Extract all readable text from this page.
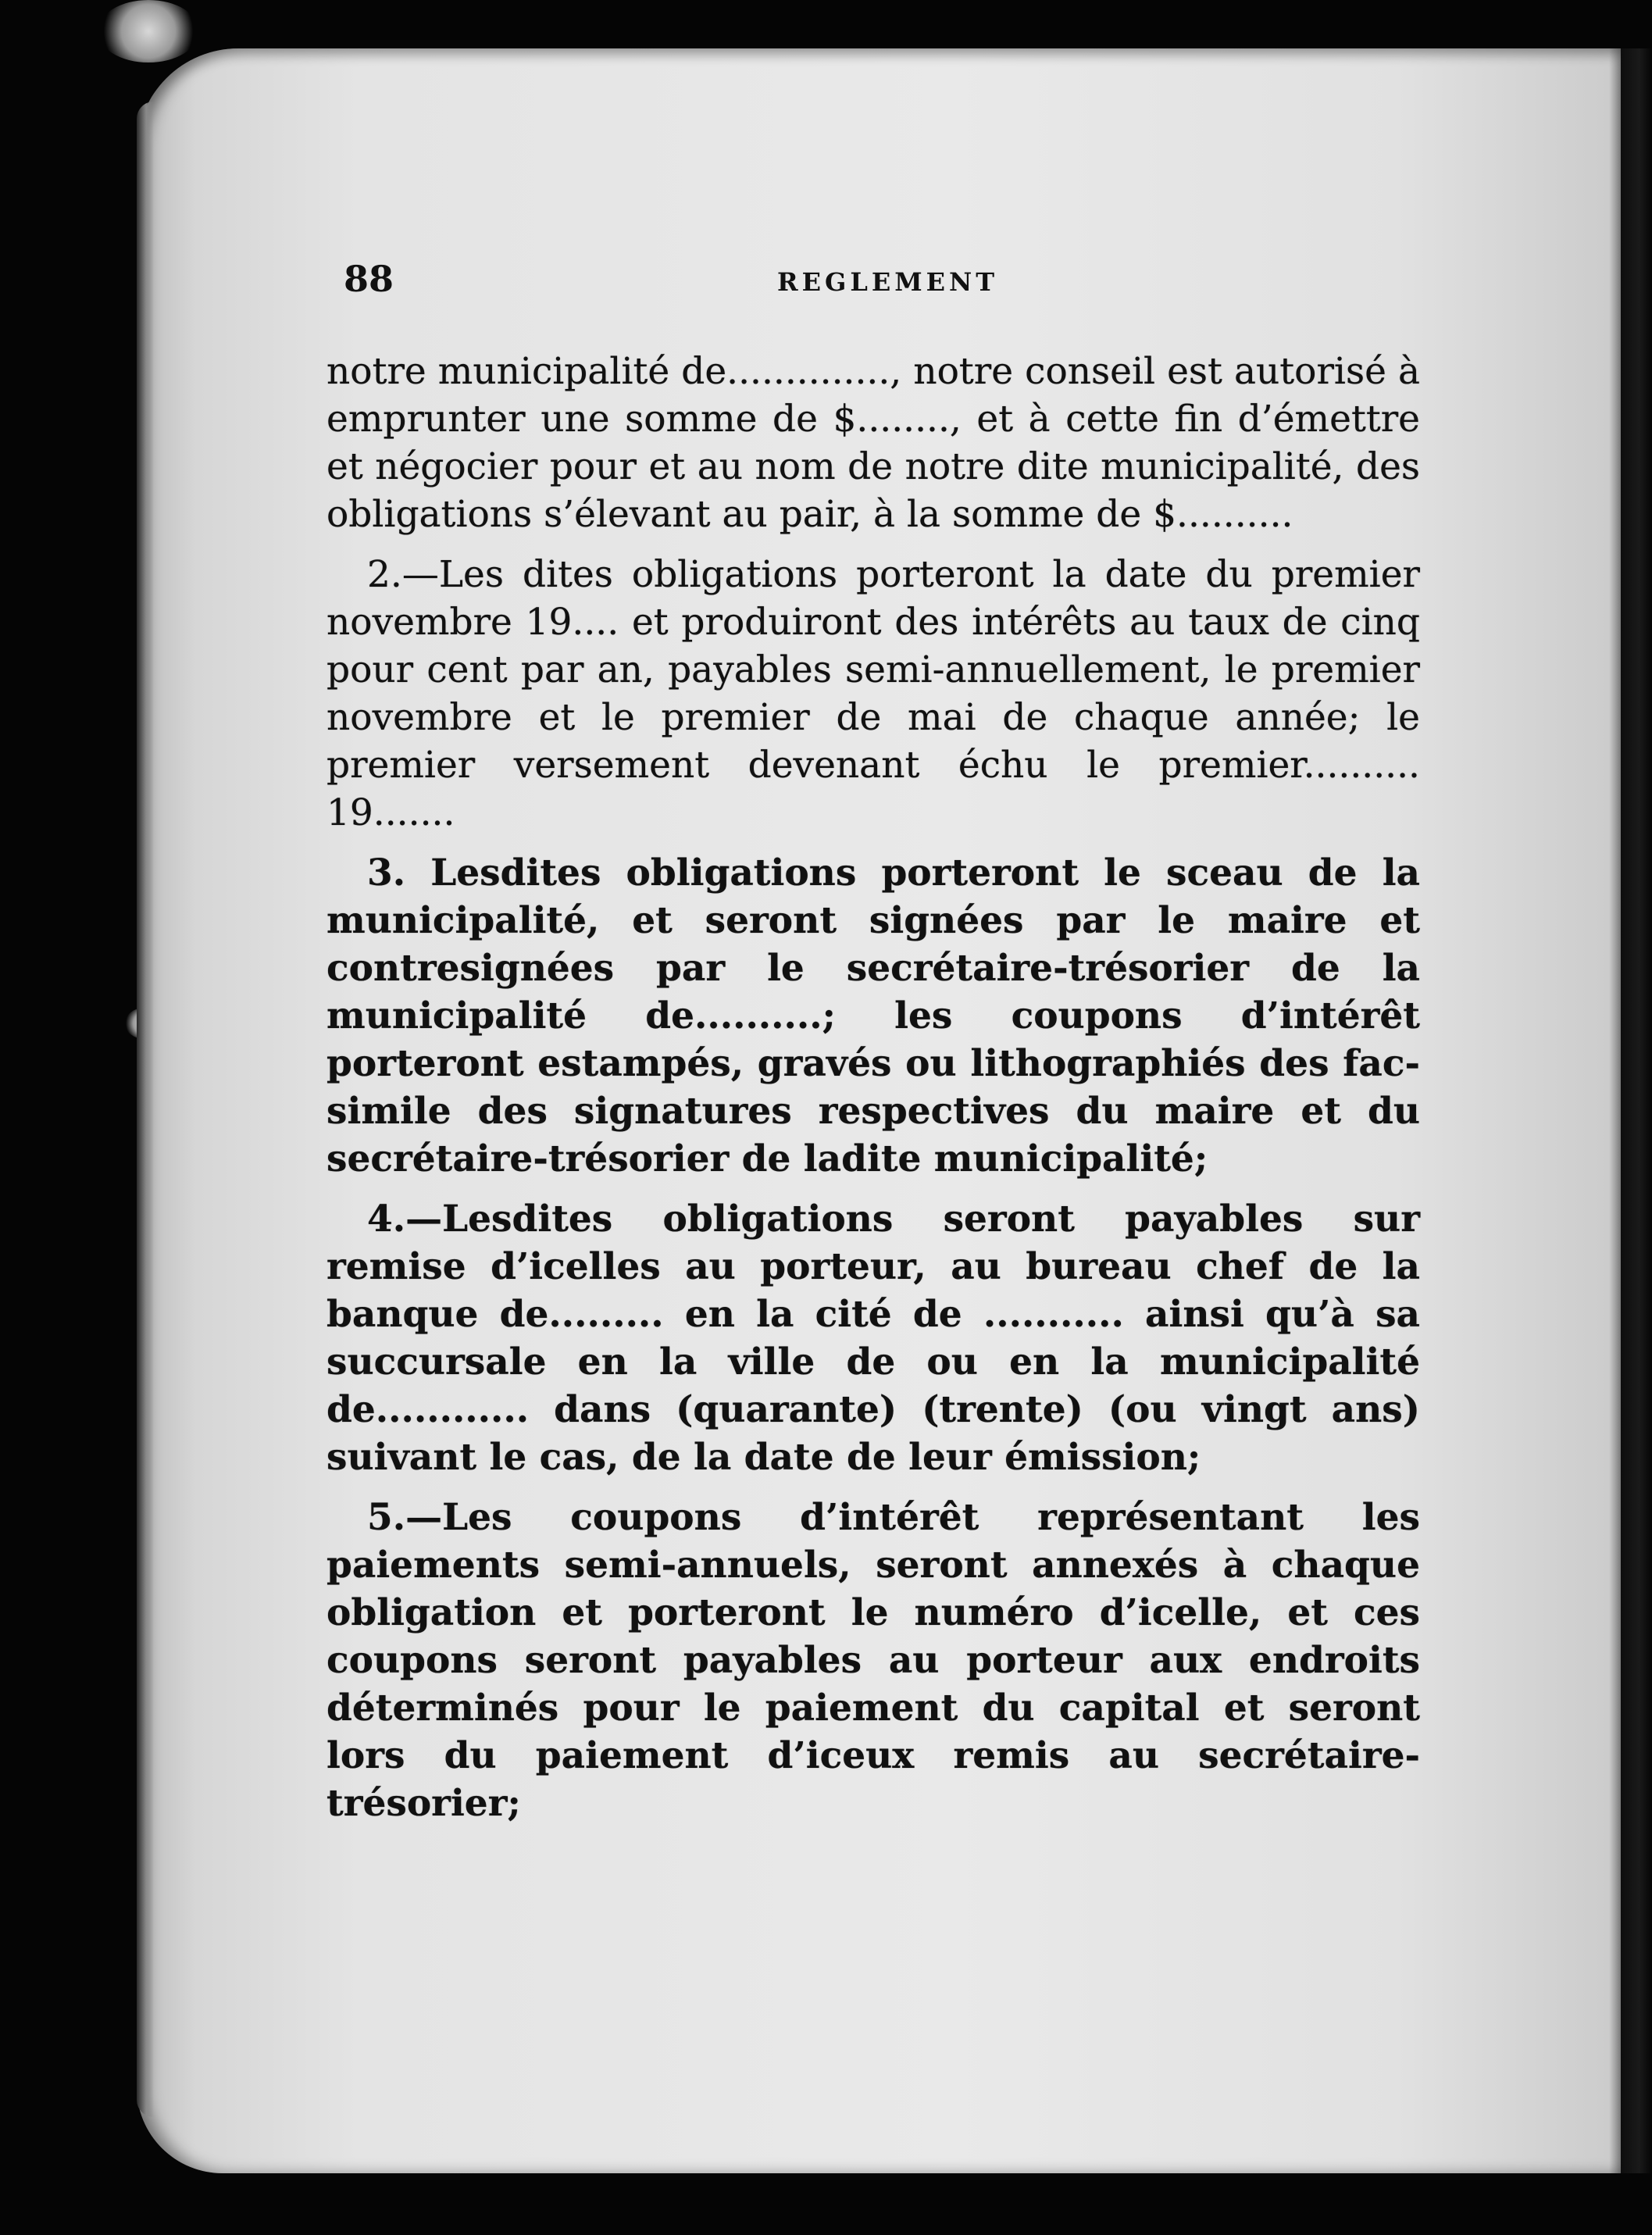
88	REGLEMENT

notre municipalité de.............., notre conseil est autorisé à emprunter une somme de $........, et à cette fin d’émettre et négocier pour et au nom de notre dite municipalité, des obligations s’élevant au pair, à la somme de $..........

2.—Les dites obligations porteront la date du premier novembre 19.... et produiront des intérêts au taux de cinq pour cent par an, payables semi-annuellement, le premier novembre et le premier de mai de chaque année; le premier versement devenant échu le premier.......... 19.......

3. Lesdites obligations porteront le sceau de la municipalité, et seront signées par le maire et contresignées par le secrétaire-trésorier de la municipalité de..........; les coupons d’intérêt porteront estampés, gravés ou lithographiés des fac-simile des signatures respectives du maire et du secrétaire-trésorier de ladite municipalité;

4.—Lesdites obligations seront payables sur remise d’icelles au porteur, au bureau chef de la banque de......... en la cité de ........... ainsi qu’à sa succursale en la ville de ou en la municipalité de............ dans (quarante) (trente) (ou vingt ans) suivant le cas, de la date de leur émission;

5.—Les coupons d’intérêt représentant les paiements semi-annuels, seront annexés à chaque obligation et porteront le numéro d’icelle, et ces coupons seront payables au porteur aux endroits déterminés pour le paiement du capital et seront lors du paiement d’iceux remis au secrétaire-trésorier;
